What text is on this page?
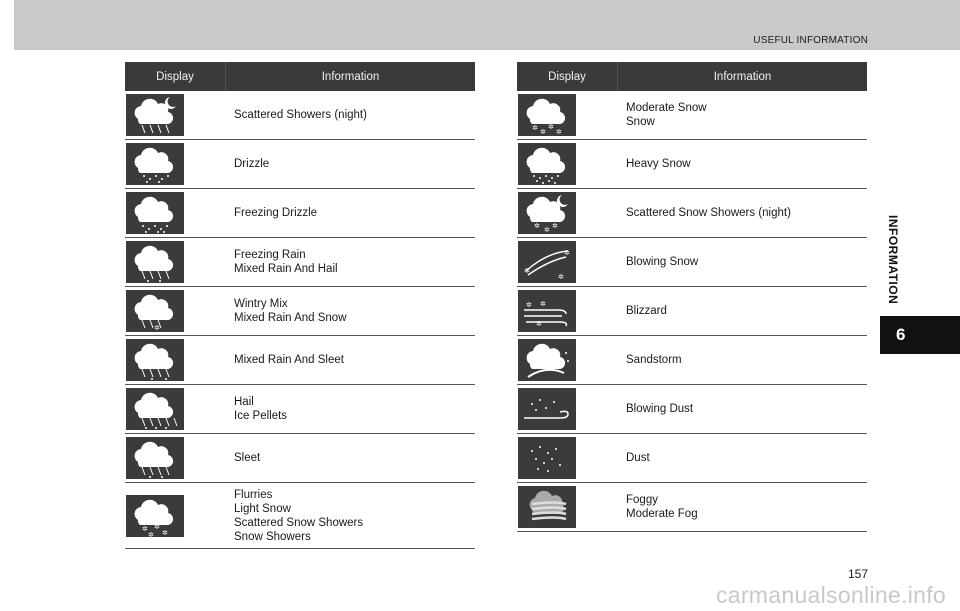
USEFUL INFORMATION
INFORMATION
6
Display	Information
Scattered Showers (night)
Drizzle
Freezing Drizzle
Freezing Rain
Mixed Rain And Hail
✲
Wintry Mix
Mixed Rain And Snow
Mixed Rain And Sleet
Hail
Ice Pellets
Sleet
✲ ✲
✲ ✲
Flurries
Light Snow
Scattered Snow Showers
Snow Showers
Display	Information
✲ ✲
✲
✲
Moderate Snow
Snow
Heavy Snow
✲ ✲ ✲
Scattered Snow Showers (night)
✲
✲
✲
Blowing Snow
✲ ✲
✲
Blizzard
Sandstorm
Blowing Dust
Dust
Foggy
Moderate Fog
157
carmanualsonline.info
